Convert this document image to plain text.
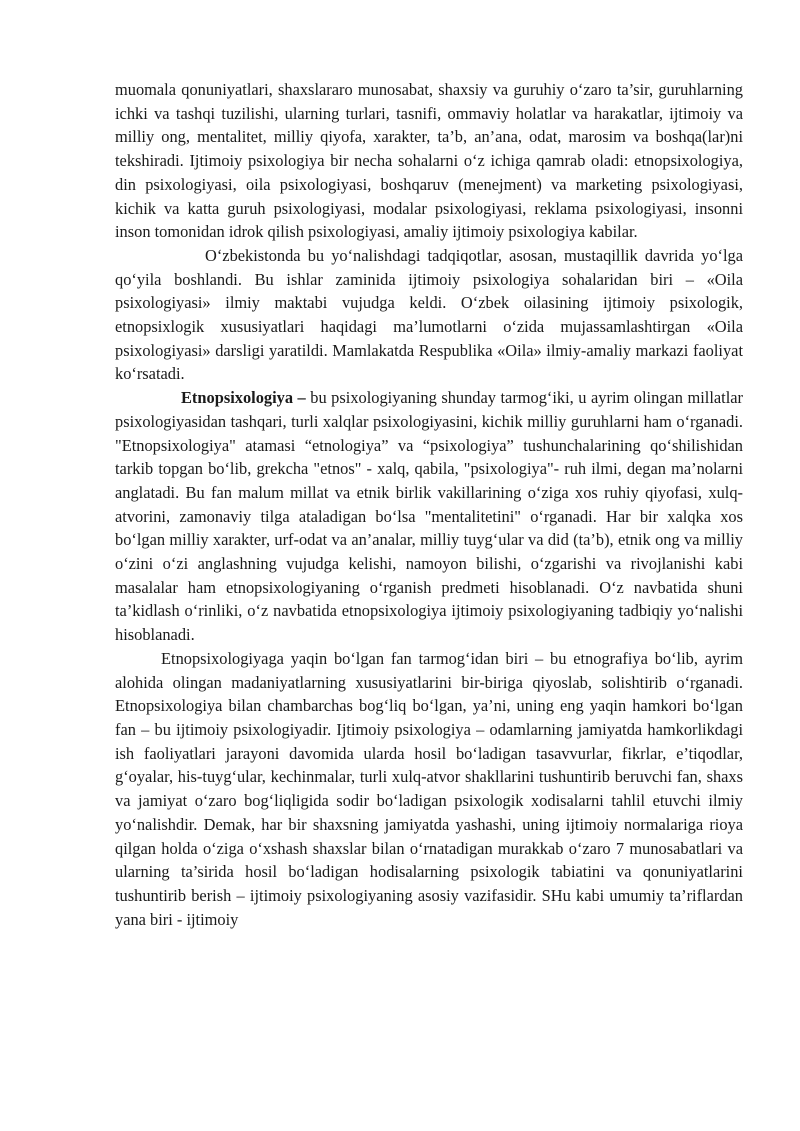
muomala qonuniyatlari, shaxslararo munosabat, shaxsiy va guruhiy o‘zaro ta’sir, guruhlarning ichki va tashqi tuzilishi, ularning turlari, tasnifi, ommaviy holatlar va harakatlar, ijtimoiy va milliy ong, mentalitet, milliy qiyofa, xarakter, ta’b, an’ana, odat, marosim va boshqa(lar)ni tekshiradi. Ijtimoiy psixologiya bir necha sohalarni o‘z ichiga qamrab oladi: etnopsixologiya, din psixologiyasi, oila psixologiyasi, boshqaruv (menejment) va marketing psixologiyasi, kichik va katta guruh psixologiyasi, modalar psixologiyasi, reklama psixologiyasi, insonni inson tomonidan idrok qilish psixologiyasi, amaliy ijtimoiy psixologiya kabilar.

O‘zbekistonda bu yo‘nalishdagi tadqiqotlar, asosan, mustaqillik davrida yo‘lga qo‘yila boshlandi. Bu ishlar zaminida ijtimoiy psixologiya sohalaridan biri – «Oila psixologiyasi» ilmiy maktabi vujudga keldi. O‘zbek oilasining ijtimoiy psixologik, etnopsixlogik xususiyatlari haqidagi ma’lumotlarni o‘zida mujassamlashtirgan «Oila psixologiyasi» darsligi yaratildi. Mamlakatda Respublika «Oila» ilmiy-amaliy markazi faoliyat ko‘rsatadi.

Etnopsixologiya – bu psixologiyaning shunday tarmog‘iki, u ayrim olingan millatlar psixologiyasidan tashqari, turli xalqlar psixologiyasini, kichik milliy guruhlarni ham o‘rganadi. "Etnopsixologiya" atamasi “etnologiya” va “psixologiya” tushunchalarining qo‘shilishidan tarkib topgan bo‘lib, grekcha "etnos" - xalq, qabila, "psixologiya"- ruh ilmi, degan ma’nolarni anglatadi. Bu fan malum millat va etnik birlik vakillarining o‘ziga xos ruhiy qiyofasi, xulq-atvorini, zamonaviy tilga ataladigan bo‘lsa "mentalitetini" o‘rganadi. Har bir xalqka xos bo‘lgan milliy xarakter, urf-odat va an’analar, milliy tuyg‘ular va did (ta’b), etnik ong va milliy o‘zini o‘zi anglashning vujudga kelishi, namoyon bilishi, o‘zgarishi va rivojlanishi kabi masalalar ham etnopsixologiyaning o‘rganish predmeti hisoblanadi. O‘z navbatida shuni ta’kidlash o‘rinliki, o‘z navbatida etnopsixologiya ijtimoiy psixologiyaning tadbiqiy yo‘nalishi hisoblanadi.

Etnopsixologiyaga yaqin bo‘lgan fan tarmog‘idan biri – bu etnografiya bo‘lib, ayrim alohida olingan madaniyatlarning xususiyatlarini bir-biriga qiyoslab, solishtirib o‘rganadi. Etnopsixologiya bilan chambarchas bog‘liq bo‘lgan, ya’ni, uning eng yaqin hamkori bo‘lgan fan – bu ijtimoiy psixologiyadir. Ijtimoiy psixologiya – odamlarning jamiyatda hamkorlikdagi ish faoliyatlari jarayoni davomida ularda hosil bo‘ladigan tasavvurlar, fikrlar, e’tiqodlar, g‘oyalar, his-tuyg‘ular, kechinmalar, turli xulq-atvor shakllarini tushuntirib beruvchi fan, shaxs va jamiyat o‘zaro bog‘liqligida sodir bo‘ladigan psixologik xodisalarni tahlil etuvchi ilmiy yo‘nalishdir. Demak, har bir shaxsning jamiyatda yashashi, uning ijtimoiy normalariga rioya qilgan holda o‘ziga o‘xshash shaxslar bilan o‘rnatadigan murakkab o‘zaro 7 munosabatlari va ularning ta’sirida hosil bo‘ladigan hodisalarning psixologik tabiatini va qonuniyatlarini tushuntirib berish – ijtimoiy psixologiyaning asosiy vazifasidir. SHu kabi umumiy ta’riflardan yana biri - ijtimoiy
